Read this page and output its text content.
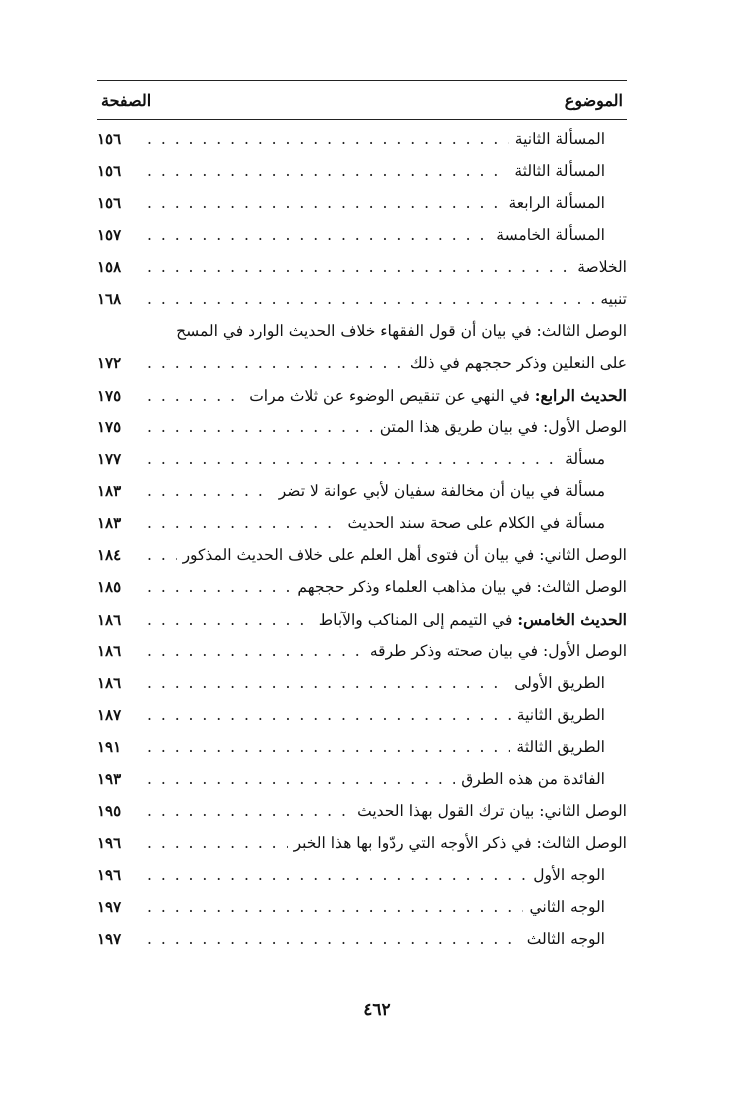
الموضوع
الصفحة
المسألة الثانية
. . .
١٥٦
المسألة الثالثة
. . .
١٥٦
المسألة الرابعة
. . .
١٥٦
المسألة الخامسة
. . .
١٥٧
الخلاصة
. . .
١٥٨
تنبيه
. . .
١٦٨
الوصل الثالث: في بيان أن قول الفقهاء خلاف الحديث الوارد في المسح
على النعلين وذكر حججهم في ذلك
. . .
١٧٢
الحديث الرابع: في النهي عن تنقيص الوضوء عن ثلاث مرات
. . .
١٧٥
الوصل الأول: في بيان طريق هذا المتن
. . .
١٧٥
مسألة
. . .
١٧٧
مسألة في بيان أن مخالفة سفيان لأبي عوانة لا تضر
. . .
١٨٣
مسألة في الكلام على صحة سند الحديث
. . .
١٨٣
الوصل الثاني: في بيان أن فتوى أهل العلم على خلاف الحديث المذكور
. . .
١٨٤
الوصل الثالث: في بيان مذاهب العلماء وذكر حججهم
. . .
١٨٥
الحديث الخامس: في التيمم إلى المناكب والآباط
. . .
١٨٦
الوصل الأول: في بيان صحته وذكر طرقه
. . .
١٨٦
الطريق الأولى
. . .
١٨٦
الطريق الثانية
. . .
١٨٧
الطريق الثالثة
. . .
١٩١
الفائدة من هذه الطرق
. . .
١٩٣
الوصل الثاني: بيان ترك القول بهذا الحديث
. . .
١٩٥
الوصل الثالث: في ذكر الأوجه التي ردّوا بها هذا الخبر
. . .
١٩٦
الوجه الأول
. . .
١٩٦
الوجه الثاني
. . .
١٩٧
الوجه الثالث
. . .
١٩٧
٤٦٢
